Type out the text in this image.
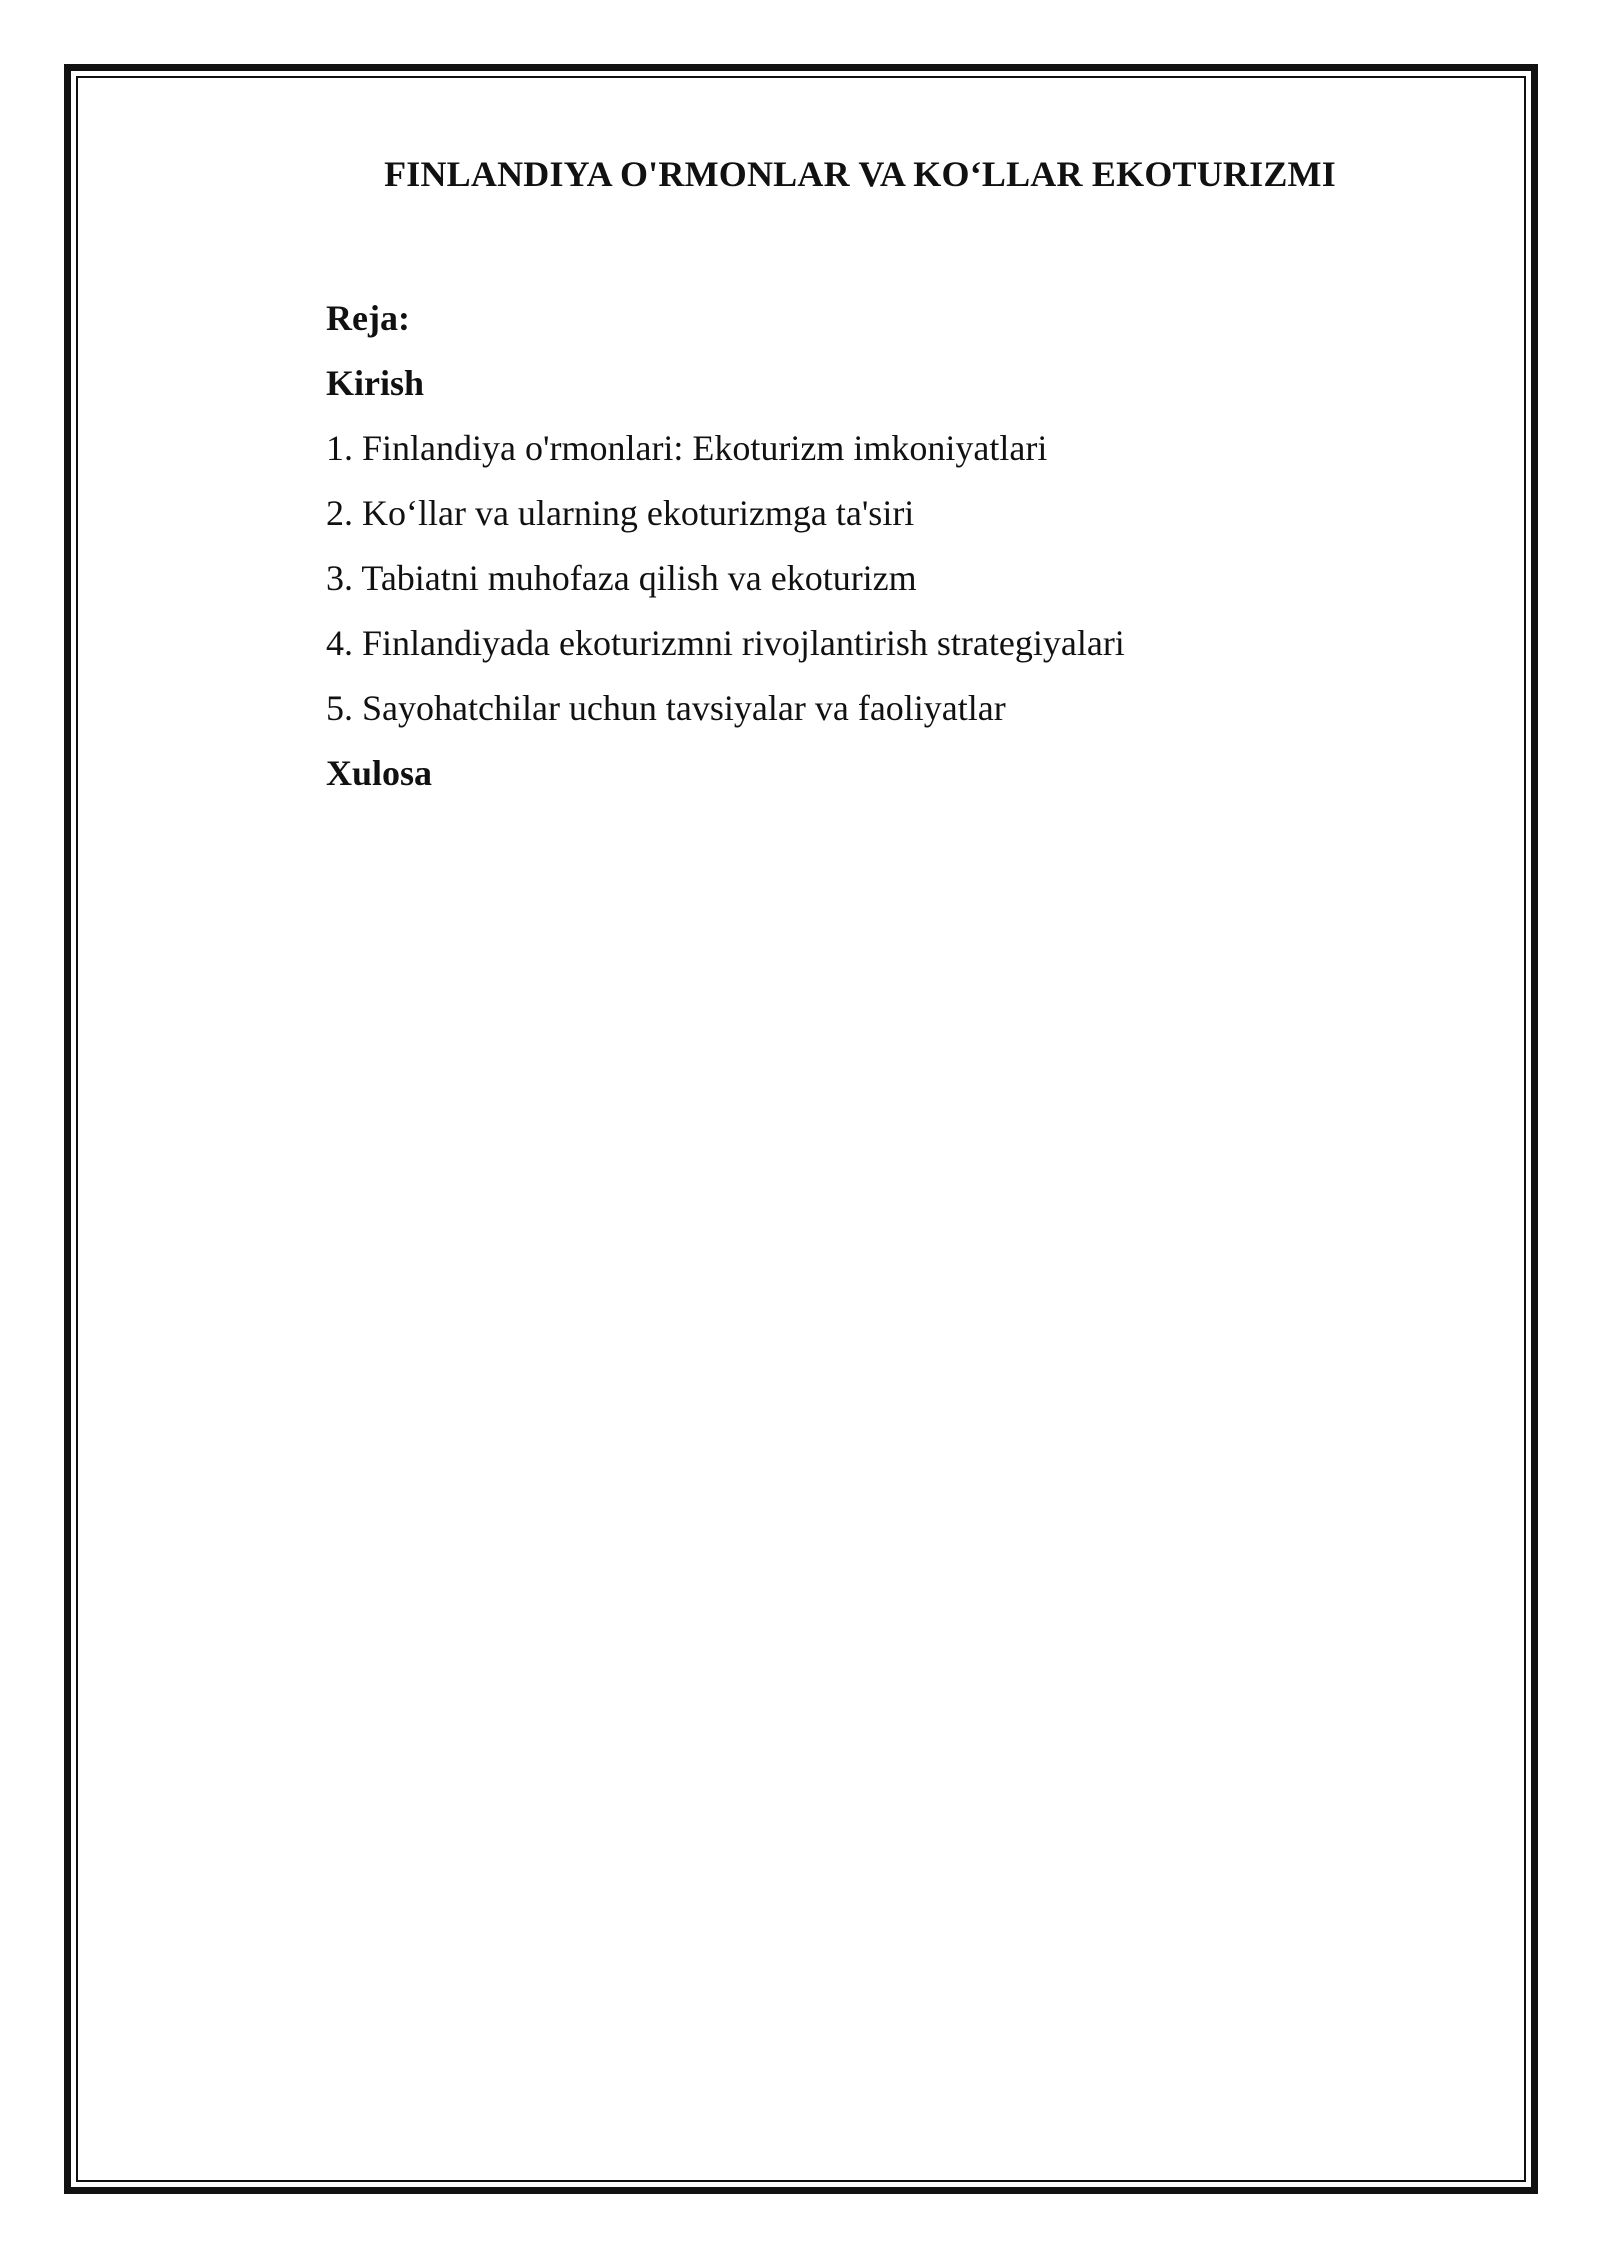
FINLANDIYA O'RMONLAR VA KO‘LLAR EKOTURIZMI
Reja:
Kirish
1. Finlandiya o'rmonlari: Ekoturizm imkoniyatlari
2. Ko‘llar va ularning ekoturizmga ta'siri
3. Tabiatni muhofaza qilish va ekoturizm
4. Finlandiyada ekoturizmni rivojlantirish strategiyalari
5. Sayohatchilar uchun tavsiyalar va faoliyatlar
Xulosa
